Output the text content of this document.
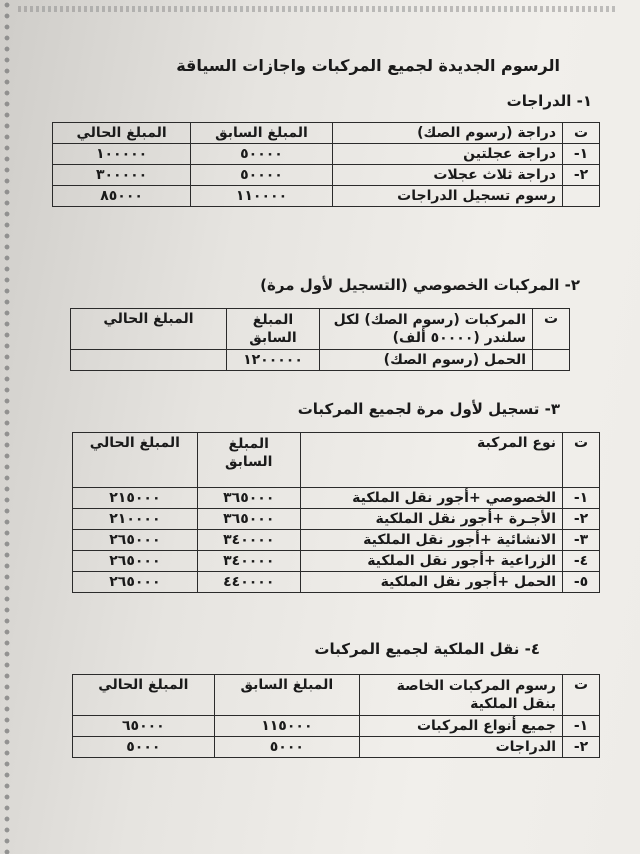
الرسوم الجديدة لجميع المركبات واجازات السياقة
١- الدراجات
ت	دراجة (رسوم الصك)	المبلغ السابق	المبلغ الحالي
١-	دراجة عجلتين	٥٠٠٠٠	١٠٠٠٠٠
٢-	دراجة ثلاث عجلات	٥٠٠٠٠	٣٠٠٠٠٠
	رسوم تسجيل الدراجات	١١٠٠٠٠	٨٥٠٠٠
٢- المركبات الخصوصي (التسجيل لأول مرة)
ت	المركبات (رسوم الصك) لكل سلندر (٥٠٠٠٠ ألف)	المبلغ السابق	المبلغ الحالي
	الحمل (رسوم الصك)	١٢٠٠٠٠٠	
٣- تسجيل لأول مرة لجميع المركبات
ت	نوع المركبة	المبلغ السابق	المبلغ الحالي
١-	الخصوصي +أجور نقل الملكية	٣٦٥٠٠٠	٢١٥٠٠٠
٢-	الأجـرة +أجور نقل الملكية	٣٦٥٠٠٠	٢١٠٠٠٠
٣-	الانشائية +أجور نقل الملكية	٣٤٠٠٠٠	٢٦٥٠٠٠
٤-	الزراعية +أجور نقل الملكية	٣٤٠٠٠٠	٢٦٥٠٠٠
٥-	الحمل +أجور نقل الملكية	٤٤٠٠٠٠	٢٦٥٠٠٠
٤- نقل الملكية لجميع المركبات
ت	رسوم المركبات الخاصة بنقل الملكية	المبلغ السابق	المبلغ الحالي
١-	جميع أنواع المركبات	١١٥٠٠٠	٦٥٠٠٠
٢-	الدراجات	٥٠٠٠	٥٠٠٠
